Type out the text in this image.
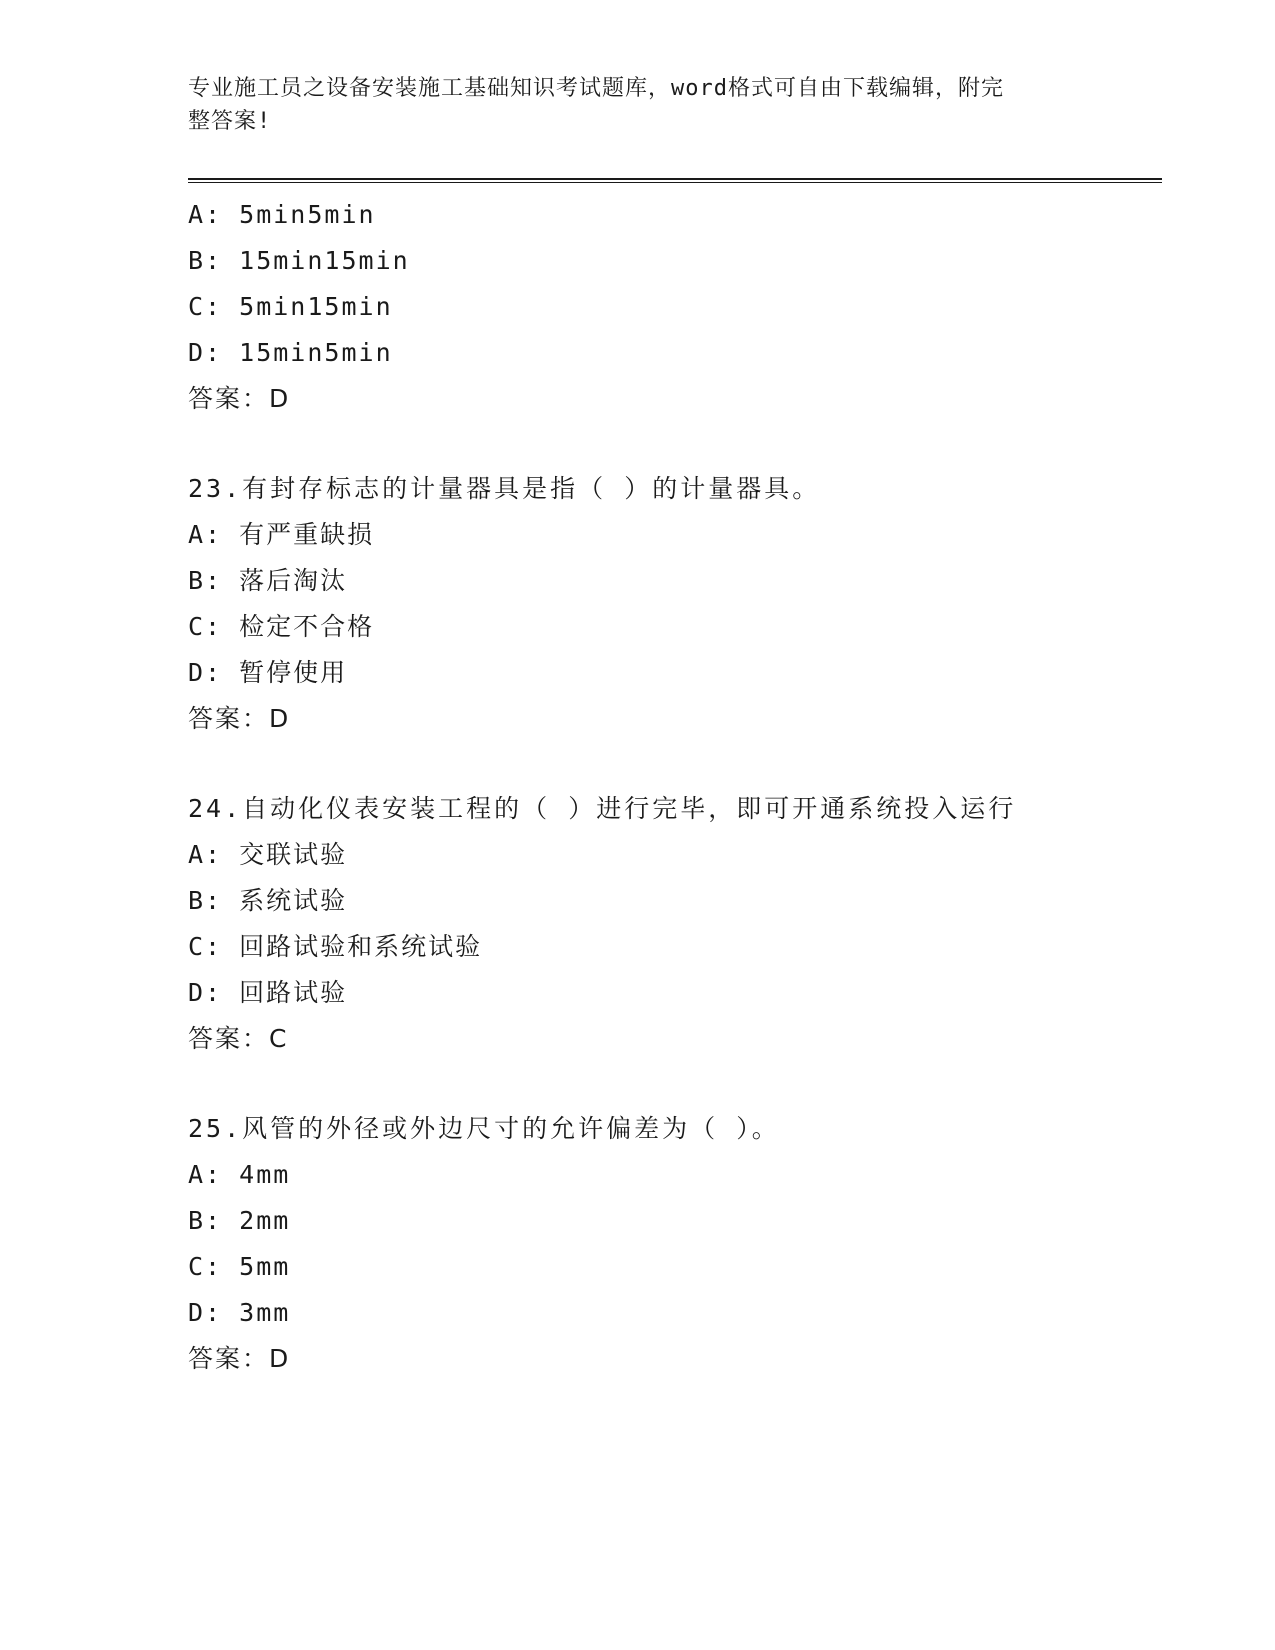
专业施工员之设备安装施工基础知识考试题库，word格式可自由下载编辑，附完
整答案!
A: 5min5min
B: 15min15min
C: 5min15min
D: 15min5min
答案：D
23.有封存标志的计量器具是指（ ）的计量器具。
A: 有严重缺损
B: 落后淘汰
C: 检定不合格
D: 暂停使用
答案：D
24.自动化仪表安装工程的（ ）进行完毕，即可开通系统投入运行
A: 交联试验
B: 系统试验
C: 回路试验和系统试验
D: 回路试验
答案：C
25.风管的外径或外边尺寸的允许偏差为（ ）。
A: 4mm
B: 2mm
C: 5mm
D: 3mm
答案：D
